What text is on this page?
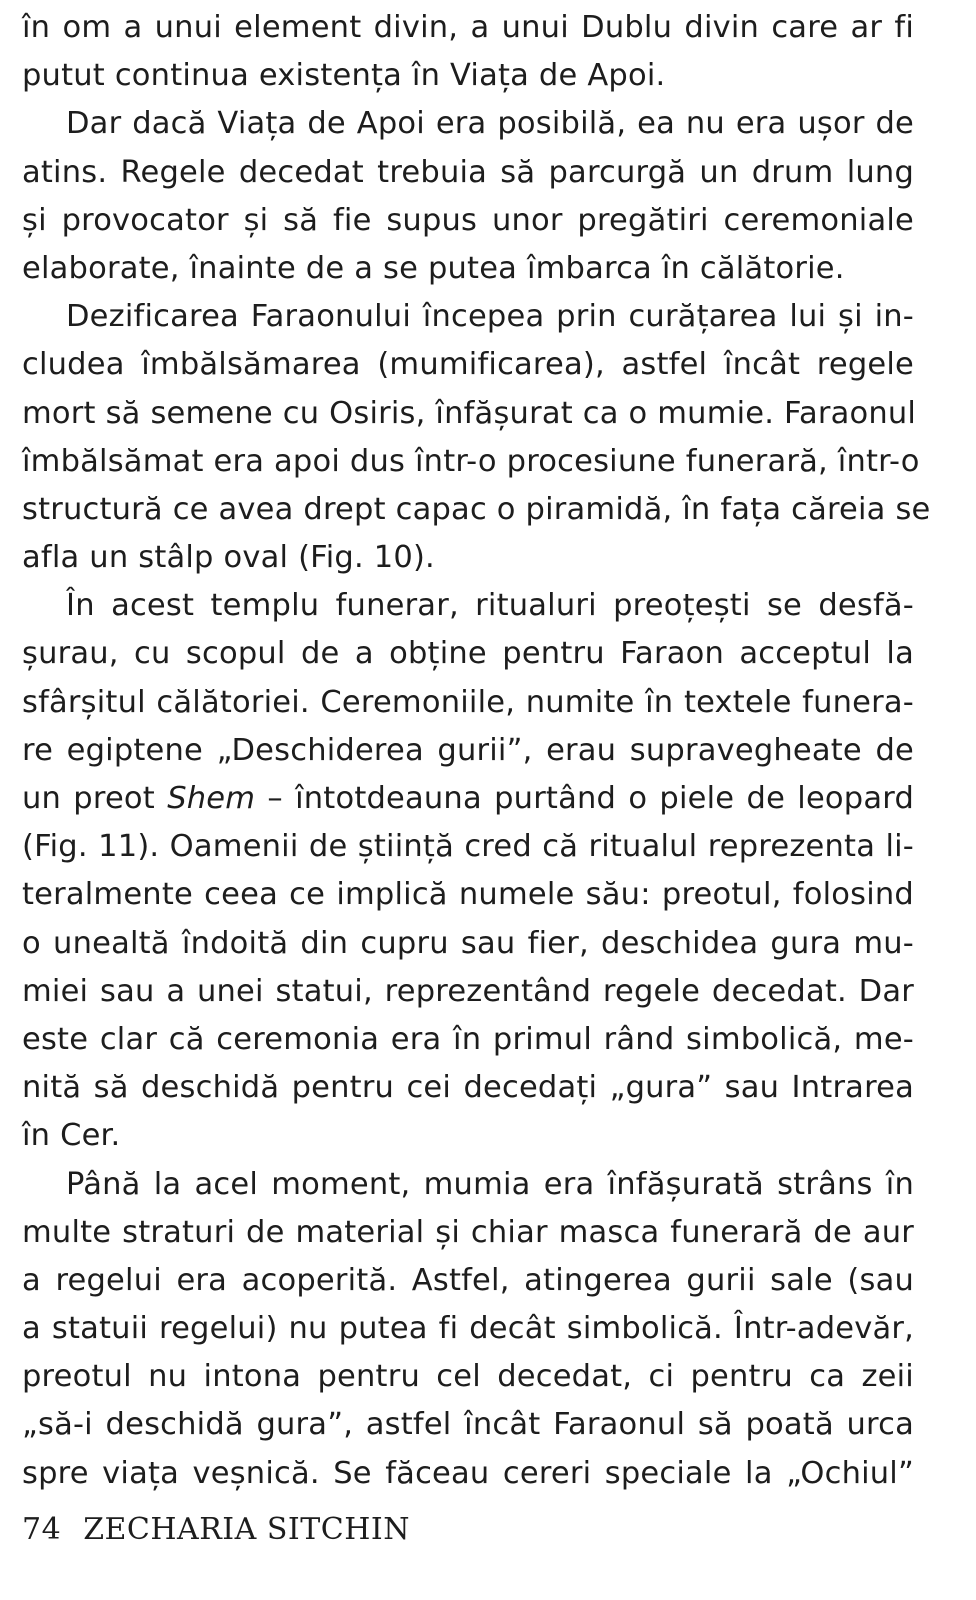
în om a unui element divin, a unui Dublu divin care ar fi
putut continua existența în Viața de Apoi.
Dar dacă Viața de Apoi era posibilă, ea nu era ușor de
atins. Regele decedat trebuia să parcurgă un drum lung
și provocator și să fie supus unor pregătiri ceremoniale
elaborate, înainte de a se putea îmbarca în călătorie.
Dezificarea Faraonului începea prin curățarea lui și in-
cludea îmbălsămarea (mumificarea), astfel încât regele
mort să semene cu Osiris, înfășurat ca o mumie. Faraonul
îmbălsămat era apoi dus într-o procesiune funerară, într-o
structură ce avea drept capac o piramidă, în fața căreia se
afla un stâlp oval (Fig. 10).
În acest templu funerar, ritualuri preoțești se desfă-
șurau, cu scopul de a obține pentru Faraon acceptul la
sfârșitul călătoriei. Ceremoniile, numite în textele funera-
re egiptene „Deschiderea gurii”, erau supravegheate de
un preot Shem – întotdeauna purtând o piele de leopard
(Fig. 11). Oamenii de știință cred că ritualul reprezenta li-
teralmente ceea ce implică numele său: preotul, folosind
o unealtă îndoită din cupru sau fier, deschidea gura mu-
miei sau a unei statui, reprezentând regele decedat. Dar
este clar că ceremonia era în primul rând simbolică, me-
nită să deschidă pentru cei decedați „gura” sau Intrarea
în Cer.
Până la acel moment, mumia era înfășurată strâns în
multe straturi de material și chiar masca funerară de aur
a regelui era acoperită. Astfel, atingerea gurii sale (sau
a statuii regelui) nu putea fi decât simbolică. Într-adevăr,
preotul nu intona pentru cel decedat, ci pentru ca zeii
„să-i deschidă gura”, astfel încât Faraonul să poată urca
spre viața veșnică. Se făceau cereri speciale la „Ochiul”
74 ZECHARIA SITCHIN
